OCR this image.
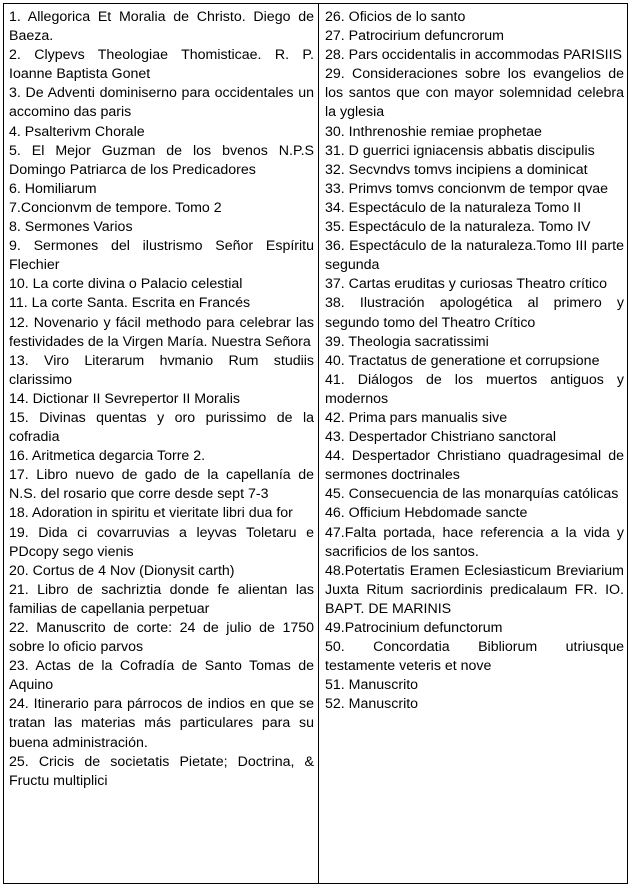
1. Allegorica Et Moralia de Christo. Diego de Baeza.

2. Clypevs Theologiae Thomisticae. R. P. Ioanne Baptista Gonet

3. De Adventi dominiserno para occidentales un accomino das paris

4. Psalterivm Chorale

5. El Mejor Guzman de los bvenos N.P.S Domingo Patriarca de los Predicadores

6. Homiliarum

7.Concionvm de tempore. Tomo 2

8. Sermones Varios

9. Sermones del ilustrismo Señor Espíritu Flechier

10. La corte divina o Palacio celestial

11. La corte Santa. Escrita en Francés

12. Novenario y fácil methodo para celebrar las festividades de la Virgen María. Nuestra Señora

13. Viro Literarum hvmanio Rum studiis clarissimo

14. Dictionar II Sevrepertor II Moralis

15. Divinas quentas y oro purissimo de la cofradia

16. Aritmetica degarcia Torre 2.

17. Libro nuevo de gado de la capellanía de N.S. del rosario que corre desde sept 7-3

18. Adoration in spiritu et vieritate libri dua for

19. Dida ci covarruvias a leyvas Toletaru e PDcopy sego vienis

20. Cortus de 4 Nov (Dionysit carth)

21. Libro de sachriztia donde fe alientan las familias de capellania perpetuar

22. Manuscrito de corte: 24 de julio de 1750 sobre lo oficio parvos

23. Actas de la Cofradía de Santo Tomas de Aquino

24. Itinerario para párrocos de indios en que se tratan las materias más particulares para su buena administración.

25. Cricis de societatis Pietate; Doctrina, & Fructu multiplici

26. Oficios de lo santo

27. Patrocirium defuncrorum

28. Pars occidentalis in accommodas PARISIIS

29. Consideraciones sobre los evangelios de los santos que con mayor solemnidad celebra la yglesia

30. Inthrenoshie remiae prophetae

31. D guerrici igniacensis abbatis discipulis

32. Secvndvs tomvs incipiens a dominicat

33. Primvs tomvs concionvm de tempor qvae

34. Espectáculo de la naturaleza Tomo II

35. Espectáculo de la naturaleza. Tomo IV

36. Espectáculo de la naturaleza.Tomo III parte segunda

37. Cartas eruditas y curiosas Theatro crítico

38. Ilustración apologética al primero y segundo tomo del Theatro Crítico

39. Theologia sacratissimi

40. Tractatus de generatione et corrupsione

41. Diálogos de los muertos antiguos y modernos

42. Prima pars manualis sive

43. Despertador Chistriano sanctoral

44. Despertador Christiano quadragesimal de sermones doctrinales

45. Consecuencia de las monarquías católicas

46. Officium Hebdomade sancte

47.Falta portada, hace referencia a la vida y sacrificios de los santos.

48.Potertatis Eramen Eclesiasticum Breviarium Juxta Ritum sacriordinis predicalaum FR. IO. BAPT. DE MARINIS

49.Patrocinium defunctorum

50. Concordatia Bibliorum utriusque testamente veteris et nove

51. Manuscrito

52. Manuscrito
